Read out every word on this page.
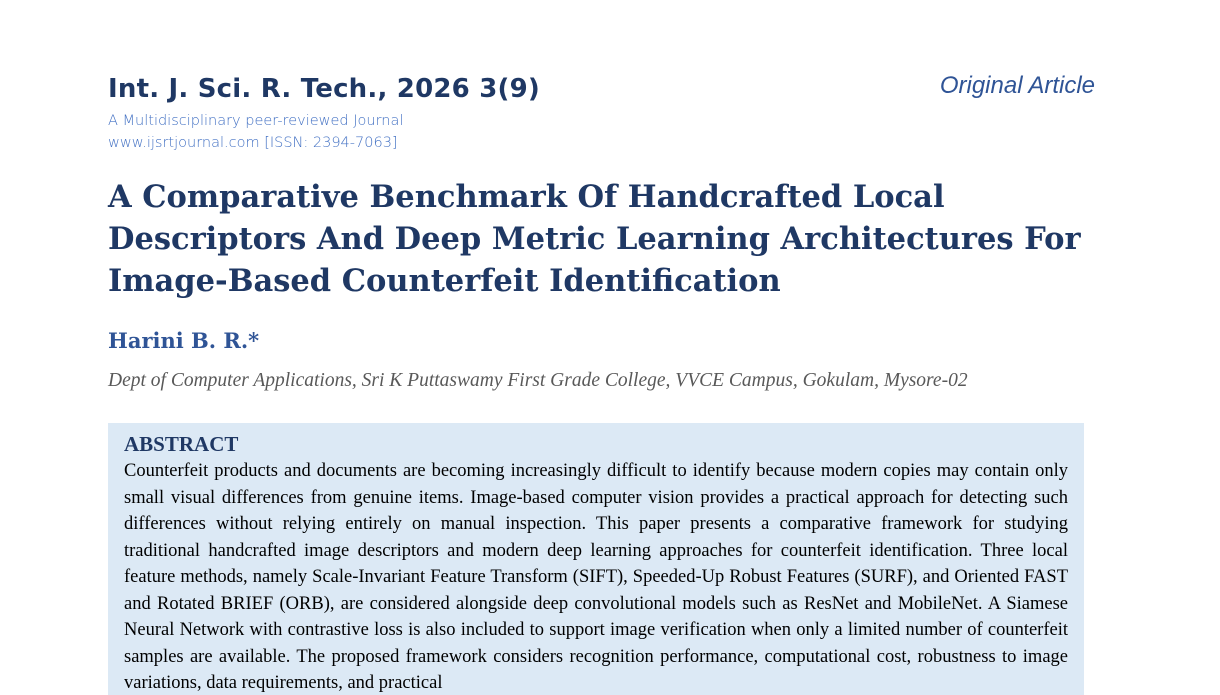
Int. J. Sci. R. Tech., 2026 3(9)
A Multidisciplinary peer-reviewed Journal
www.ijsrtjournal.com [ISSN: 2394-7063]
Original Article
A Comparative Benchmark Of Handcrafted Local Descriptors And Deep Metric Learning Architectures For Image-Based Counterfeit Identification
Harini B. R.*
Dept of Computer Applications, Sri K Puttaswamy First Grade College, VVCE Campus, Gokulam, Mysore-02
ABSTRACT

Counterfeit products and documents are becoming increasingly difficult to identify because modern copies may contain only small visual differences from genuine items. Image-based computer vision provides a practical approach for detecting such differences without relying entirely on manual inspection. This paper presents a comparative framework for studying traditional handcrafted image descriptors and modern deep learning approaches for counterfeit identification. Three local feature methods, namely Scale-Invariant Feature Transform (SIFT), Speeded-Up Robust Features (SURF), and Oriented FAST and Rotated BRIEF (ORB), are considered alongside deep convolutional models such as ResNet and MobileNet. A Siamese Neural Network with contrastive loss is also included to support image verification when only a limited number of counterfeit samples are available. The proposed framework considers recognition performance, computational cost, robustness to image variations, data requirements, and practical
